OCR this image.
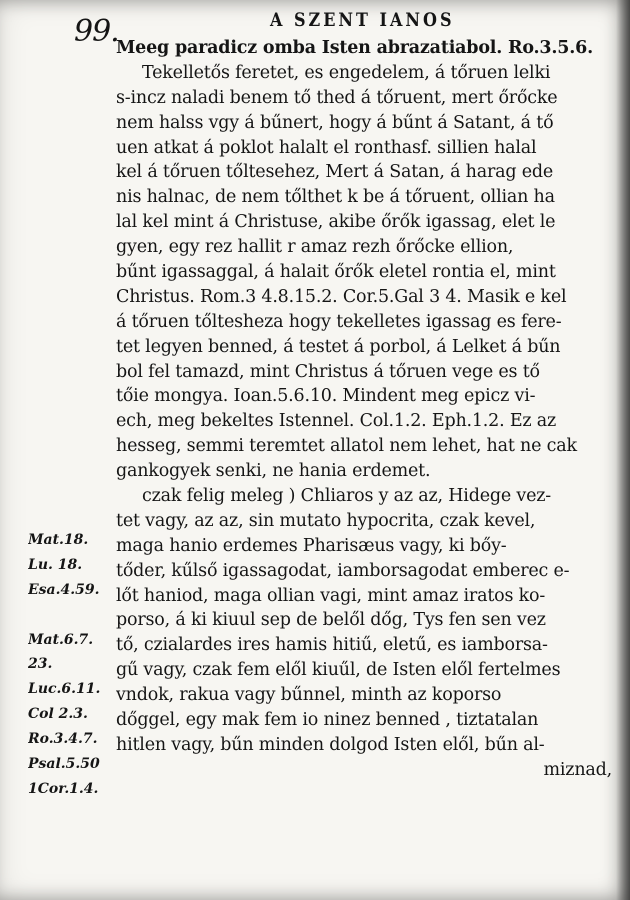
99.	A SZENT IANOS
Meeg paradicz omba Isten abrazatiabol. Ro.3.5.6.
Tekelletős feretet, es engedelem, á tőruen lelki
s-incz naladi benem tő thed á tőruent, mert őrőcke
nem halss vgy á bűnert, hogy á bűnt á Satant, á tő
uen atkat á poklot halalt el ronthasf. sillien halal
kel á tőruen tőltesehez, Mert á Satan, á harag ede
nis halnac, de nem tőlthet k be á tőruent, ollian ha
lal kel mint á Christuse, akibe őrők igassag, elet le
gyen, egy rez hallit r amaz rezh őrőcke ellion,
bűnt igassaggal, á halait őrők eletel rontia el, mint
Christus. Rom.3 4.8.15.2. Cor.5.Gal 3 4. Masik e kel
á tőruen tőltesheza hogy tekelletes igassag es fere-
tet legyen benned, á testet á porbol, á Lelket á bűn
bol fel tamazd, mint Christus á tőruen vege es tő
tőie mongya. Ioan.5.6.10. Mindent meg epicz vi-
ech, meg bekeltes Istennel. Col.1.2. Eph.1.2. Ez az
hesseg, semmi teremtet allatol nem lehet, hat ne cak
gankogyek senki, ne hania erdemet.
czak felig meleg ) Chliaros y az az, Hidege vez-
tet vagy, az az, sin mutato hypocrita, czak kevel,
maga hanio erdemes Pharisæus vagy, ki bőy-
tőder, kűlső igassagodat, iamborsagodat emberec e-
lőt haniod, maga ollian vagi, mint amaz iratos ko-
porso, á ki kiuul sep de belől dőg, Tys fen sen vez
tő, czialardes ires hamis hitiű, eletű, es iamborsa-
gű vagy, czak fem elől kiuűl, de Isten elől fertelmes
vndok, rakua vagy bűnnel, minth az koporso
dőggel, egy mak fem io ninez benned , tiztatalan
hitlen vagy, bűn minden dolgod Isten elől, bűn al-
miznad,
Mat.18.
Lu. 18.
Esa.4.59.
Mat.6.7.
23.
Luc.6.11.
Col 2.3.
Ro.3.4.7.
Psal.5.50
1Cor.1.4.
